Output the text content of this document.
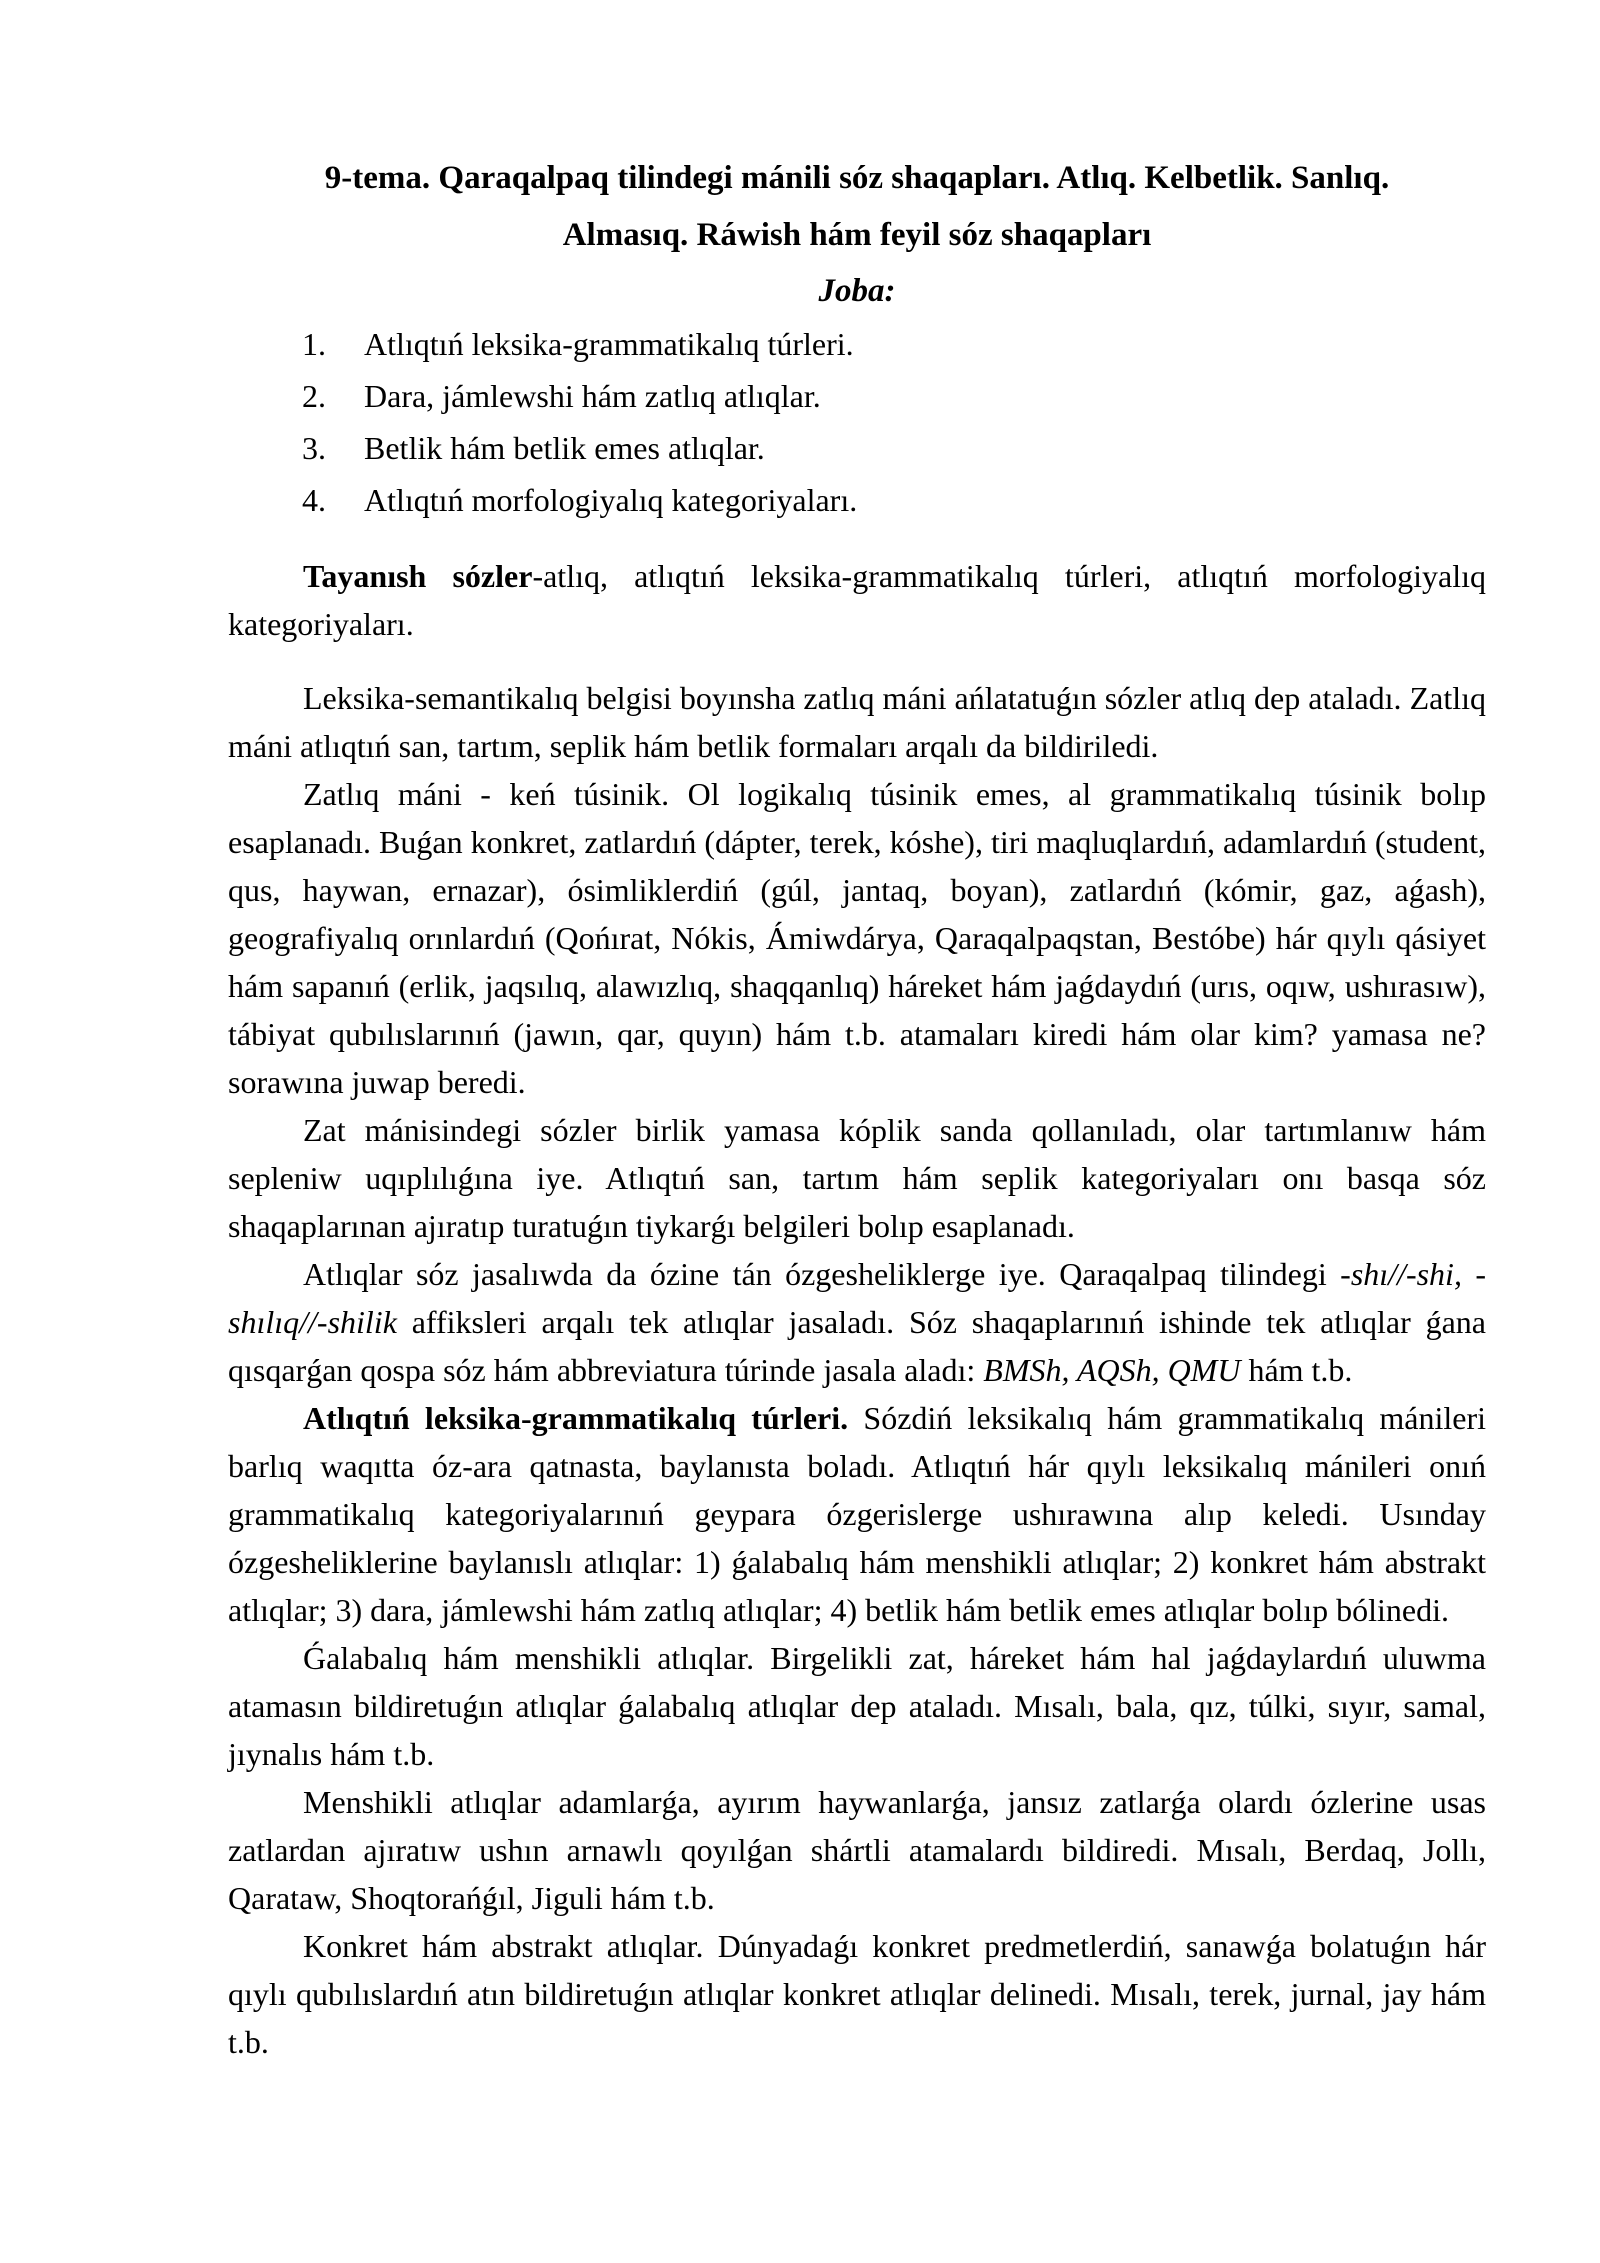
9-tema. Qaraqalpaq tilindegi mánili sóz shaqapları. Atlıq. Kelbetlik. Sanlıq.
Almasıq. Ráwish hám feyil sóz shaqapları
Joba:
1.	Atlıqtıń leksika-grammatikalıq túrleri.
2.	Dara, jámlewshi hám zatlıq atlıqlar.
3.	Betlik hám betlik emes atlıqlar.
4.	Atlıqtıń morfologiyalıq kategoriyaları.

Tayanısh sózler-atlıq, atlıqtıń leksika-grammatikalıq túrleri, atlıqtıń morfologiyalıq kategoriyaları.

Leksika-semantikalıq belgisi boyınsha zatlıq máni ańlatatuǵın sózler atlıq dep ataladı. Zatlıq máni atlıqtıń san, tartım, seplik hám betlik formaları arqalı da bildiriledi.

Zatlıq máni - keń túsinik. Ol logikalıq túsinik emes, al grammatikalıq túsinik bolıp esaplanadı. Buǵan konkret, zatlardıń (dápter, terek, kóshe), tiri maqluqlardıń, adamlardıń (student, qus, haywan, ernazar), ósimliklerdiń (gúl, jantaq, boyan), zatlardıń (kómir, gaz, aǵash), geografiyalıq orınlardıń (Qońırat, Nókis, Ámiwdárya, Qaraqalpaqstan, Bestóbe) hár qıylı qásiyet hám sapanıń (erlik, jaqsılıq, alawızlıq, shaqqanlıq) háreket hám jaǵdaydıń (urıs, oqıw, ushırasıw), tábiyat qubılıslarınıń (jawın, qar, quyın) hám t.b. atamaları kiredi hám olar kim? yamasa ne? sorawına juwap beredi.

Zat mánisindegi sózler birlik yamasa kóplik sanda qollanıladı, olar tartımlanıw hám sepleniw uqıplılıǵına iye. Atlıqtıń san, tartım hám seplik kategoriyaları onı basqa sóz shaqaplarınan ajıratıp turatuǵın tiykarǵı belgileri bolıp esaplanadı.

Atlıqlar sóz jasalıwda da ózine tán ózgesheliklerge iye. Qaraqalpaq tilindegi -shı//-shi, -shılıq//-shilik affiksleri arqalı tek atlıqlar jasaladı. Sóz shaqaplarınıń ishinde tek atlıqlar ǵana qısqarǵan qospa sóz hám abbreviatura túrinde jasala aladı: BMSh, AQSh, QMU hám t.b.

Atlıqtıń leksika-grammatikalıq túrleri. Sózdiń leksikalıq hám grammatikalıq mánileri barlıq waqıtta óz-ara qatnasta, baylanısta boladı. Atlıqtıń hár qıylı leksikalıq mánileri onıń grammatikalıq kategoriyalarınıń geypara ózgerislerge ushırawına alıp keledi. Usınday ózgesheliklerine baylanıslı atlıqlar: 1) ǵalabalıq hám menshikli atlıqlar; 2) konkret hám abstrakt atlıqlar; 3) dara, jámlewshi hám zatlıq atlıqlar; 4) betlik hám betlik emes atlıqlar bolıp bólinedi.

Ǵalabalıq hám menshikli atlıqlar. Birgelikli zat, háreket hám hal jaǵdaylardıń uluwma atamasın bildiretuǵın atlıqlar ǵalabalıq atlıqlar dep ataladı. Mısalı, bala, qız, túlki, sıyır, samal, jıynalıs hám t.b.

Menshikli atlıqlar adamlarǵa, ayırım haywanlarǵa, jansız zatlarǵa olardı ózlerine usas zatlardan ajıratıw ushın arnawlı qoyılǵan shártli atamalardı bildiredi. Mısalı, Berdaq, Jollı, Qarataw, Shoqtorańǵıl, Jiguli hám t.b.

Konkret hám abstrakt atlıqlar. Dúnyadaǵı konkret predmetlerdiń, sanawǵa bolatuǵın hár qıylı qubılıslardıń atın bildiretuǵın atlıqlar konkret atlıqlar delinedi. Mısalı, terek, jurnal, jay hám t.b.
